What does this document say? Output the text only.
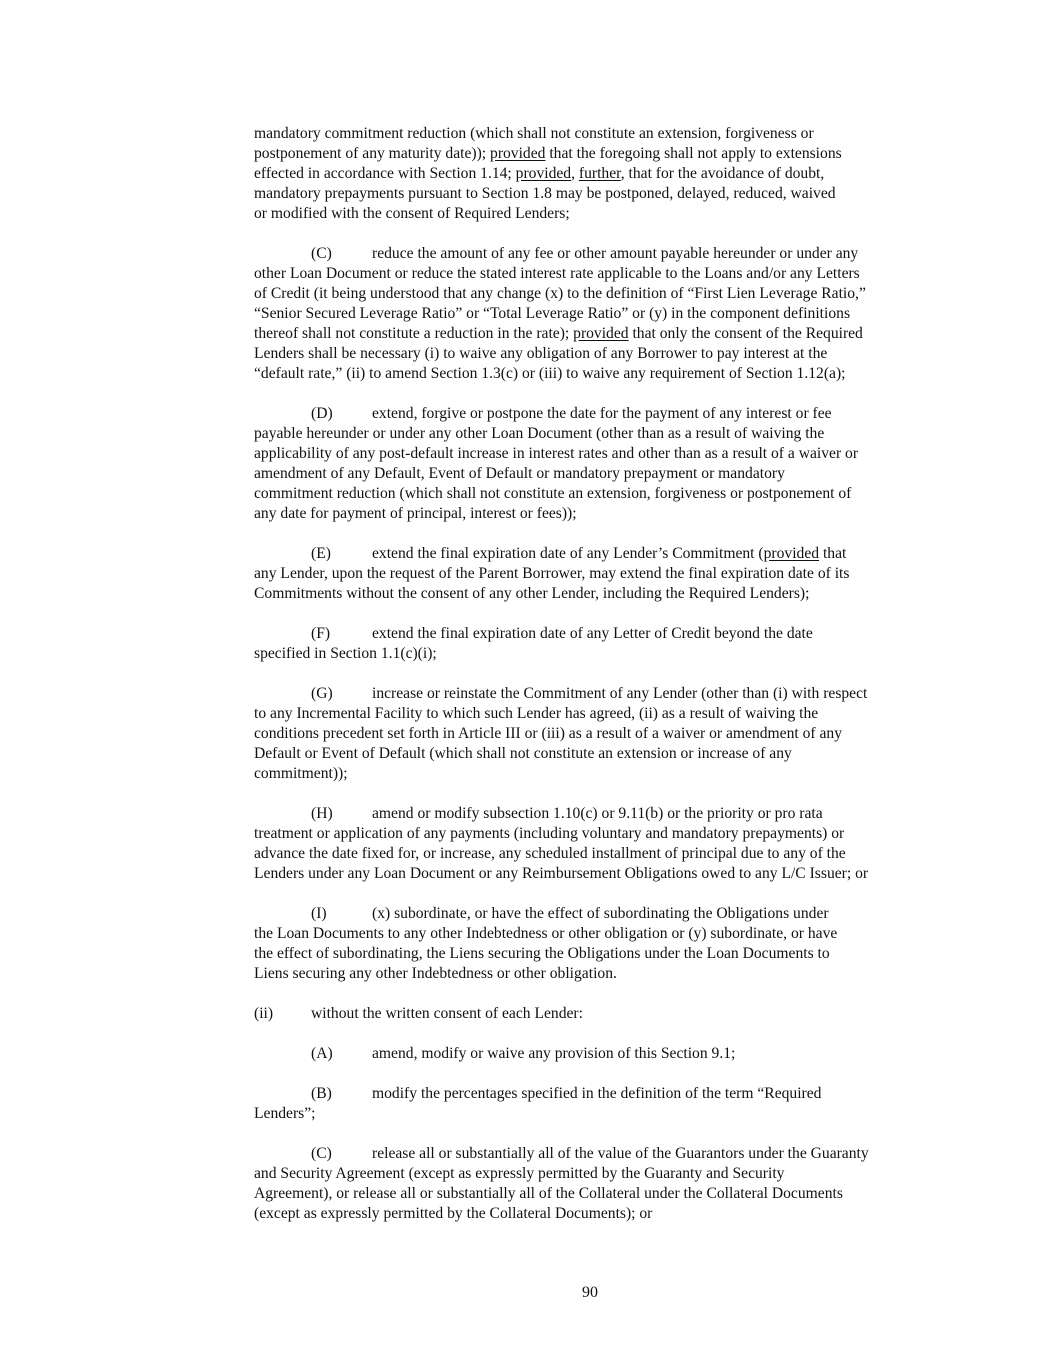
mandatory commitment reduction (which shall not constitute an extension, forgiveness or
postponement of any maturity date)); provided that the foregoing shall not apply to extensions
effected in accordance with Section 1.14; provided, further, that for the avoidance of doubt,
mandatory prepayments pursuant to Section 1.8 may be postponed, delayed, reduced, waived
or modified with the consent of Required Lenders;
(C)	reduce the amount of any fee or other amount payable hereunder or under any
other Loan Document or reduce the stated interest rate applicable to the Loans and/or any Letters
of Credit (it being understood that any change (x) to the definition of “First Lien Leverage Ratio,”
“Senior Secured Leverage Ratio” or “Total Leverage Ratio” or (y) in the component definitions
thereof shall not constitute a reduction in the rate); provided that only the consent of the Required
Lenders shall be necessary (i) to waive any obligation of any Borrower to pay interest at the
“default rate,” (ii) to amend Section 1.3(c) or (iii) to waive any requirement of Section 1.12(a);
(D)	extend, forgive or postpone the date for the payment of any interest or fee
payable hereunder or under any other Loan Document (other than as a result of waiving the
applicability of any post-default increase in interest rates and other than as a result of a waiver or
amendment of any Default, Event of Default or mandatory prepayment or mandatory
commitment reduction (which shall not constitute an extension, forgiveness or postponement of
any date for payment of principal, interest or fees));
(E)	extend the final expiration date of any Lender’s Commitment (provided that
any Lender, upon the request of the Parent Borrower, may extend the final expiration date of its
Commitments without the consent of any other Lender, including the Required Lenders);
(F)	extend the final expiration date of any Letter of Credit beyond the date
specified in Section 1.1(c)(i);
(G)	increase or reinstate the Commitment of any Lender (other than (i) with respect
to any Incremental Facility to which such Lender has agreed, (ii) as a result of waiving the
conditions precedent set forth in Article III or (iii) as a result of a waiver or amendment of any
Default or Event of Default (which shall not constitute an extension or increase of any
commitment));
(H)	amend or modify subsection 1.10(c) or 9.11(b) or the priority or pro rata
treatment or application of any payments (including voluntary and mandatory prepayments) or
advance the date fixed for, or increase, any scheduled installment of principal due to any of the
Lenders under any Loan Document or any Reimbursement Obligations owed to any L/C Issuer; or
(I)	(x) subordinate, or have the effect of subordinating the Obligations under
the Loan Documents to any other Indebtedness or other obligation or (y) subordinate, or have
the effect of subordinating, the Liens securing the Obligations under the Loan Documents to
Liens securing any other Indebtedness or other obligation.
(ii) without the written consent of each Lender:
(A)	amend, modify or waive any provision of this Section 9.1;
(B)	modify the percentages specified in the definition of the term “Required
Lenders”;
(C)	release all or substantially all of the value of the Guarantors under the Guaranty
and Security Agreement (except as expressly permitted by the Guaranty and Security
Agreement), or release all or substantially all of the Collateral under the Collateral Documents
(except as expressly permitted by the Collateral Documents); or
90
